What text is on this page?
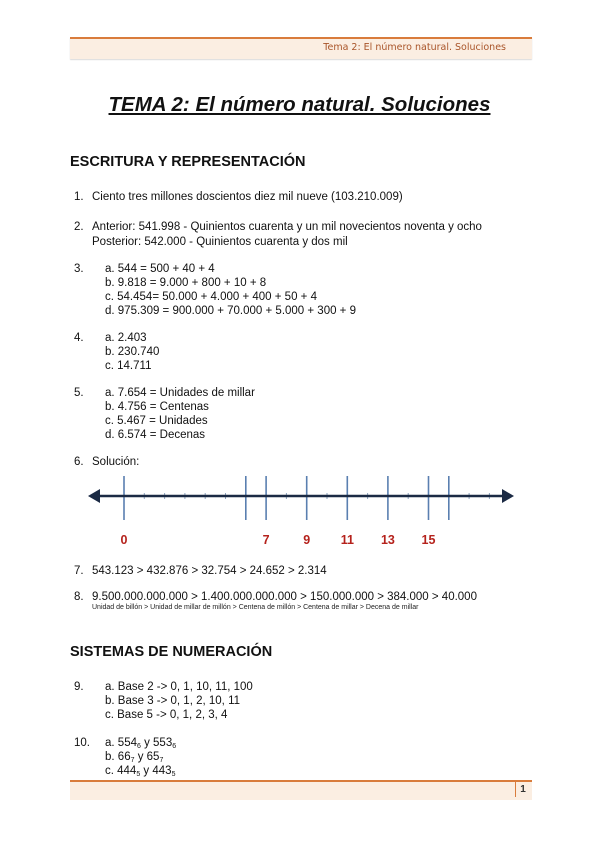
Tema 2: El número natural. Soluciones
TEMA 2: El número natural. Soluciones
ESCRITURA Y REPRESENTACIÓN
1. Ciento tres millones doscientos diez mil nueve (103.210.009)
2. Anterior: 541.998 - Quinientos cuarenta y un mil novecientos noventa y ocho
Posterior: 542.000 - Quinientos cuarenta y dos mil
3. a. 544 = 500 + 40 + 4
b. 9.818 = 9.000 + 800 + 10 + 8
c. 54.454= 50.000 + 4.000 + 400 + 50 + 4
d. 975.309 = 900.000 + 70.000 + 5.000 + 300 + 9
4. a. 2.403
b. 230.740
c. 14.711
5. a. 7.654 = Unidades de millar
b. 4.756 = Centenas
c. 5.467 = Unidades
d. 6.574 = Decenas
6. Solución:
0	7	9 11 13 15
7. 543.123 > 432.876 > 32.754 > 24.652 > 2.314
8. 9.500.000.000.000 > 1.400.000.000.000 > 150.000.000 > 384.000 > 40.000
Unidad de billón > Unidad de millar de millón > Centena de millón > Centena de millar > Decena de millar
SISTEMAS DE NUMERACIÓN
9. a. Base 2 -> 0, 1, 10, 11, 100
b. Base 3 -> 0, 1, 2, 10, 11
c. Base 5 -> 0, 1, 2, 3, 4
10. a. $554_6$ y $553_6$
b. $66_7$ y $65_7$
c. $444_5$ y $443_5$
1
